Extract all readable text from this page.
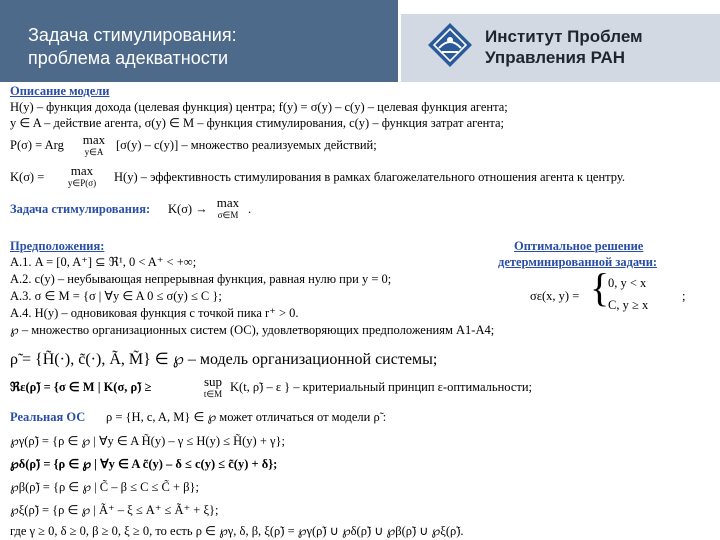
Задача стимулирования:
проблема адекватности
Институт Проблем
Управления РАН
Описание модели
H(y) – функция дохода (целевая функция) центра; f(y) = σ(y) – c(y) – целевая функция агента;
y ∈ A – действие агента, σ(y) ∈ M – функция стимулирования, c(y) – функция затрат агента;
P(σ) = Arg	max
y∈A	[σ(y) – c(y)] – множество реализуемых действий;
K(σ) =	max
y∈P(σ)	H(y) – эффективность стимулирования в рамках благожелательного отношения агента к центру.
Задача стимулирования: K(σ) → max
σ∈M .
Предположения:
А.1. A = [0, A⁺] ⊆ ℜ¹, 0 < A⁺ < +∞;
А.2. c(y) – неубывающая непрерывная функция, равная нулю при y = 0;
А.3. σ ∈ M = {σ | ∀y ∈ A 0 ≤ σ(y) ≤ C };
А.4. H(y) – одновиковая функция с точкой пика r⁺ > 0.
℘ – множество организационных систем (ОС), удовлетворяющих предположениям А1-А4;
Оптимальное решение
детерминированной задачи:
σε(x, y) = {
0, y < x
C, y ≥ x
;
ρ̃ = {H̃(·), c̃(·), Ã, M̃} ∈ ℘ – модель организационной системы;
ℜε(ρ̃) = {σ ∈ M | K(σ, ρ̃) ≥	sup
t∈M K(t, ρ̃) – ε } – критериальный принцип ε-оптимальности;
Реальная ОС ρ = {H, c, A, M} ∈ ℘ может отличаться от модели ρ̃ :
℘γ(ρ̃) = {ρ ∈ ℘ | ∀y ∈ A H̃(y) – γ ≤ H(y) ≤ H̃(y) + γ};
℘δ(ρ̃) = {ρ ∈ ℘ | ∀y ∈ A c̃(y) – δ ≤ c(y) ≤ c̃(y) + δ};
℘β(ρ̃) = {ρ ∈ ℘ | C̃ – β ≤ C ≤ C̃ + β};
℘ξ(ρ̃) = {ρ ∈ ℘ | Ã⁺ – ξ ≤ A⁺ ≤ Ã⁺ + ξ};
где γ ≥ 0, δ ≥ 0, β ≥ 0, ξ ≥ 0, то есть ρ ∈ ℘γ, δ, β, ξ(ρ̃) = ℘γ(ρ̃) ∪ ℘δ(ρ̃) ∪ ℘β(ρ̃) ∪ ℘ξ(ρ̃).
